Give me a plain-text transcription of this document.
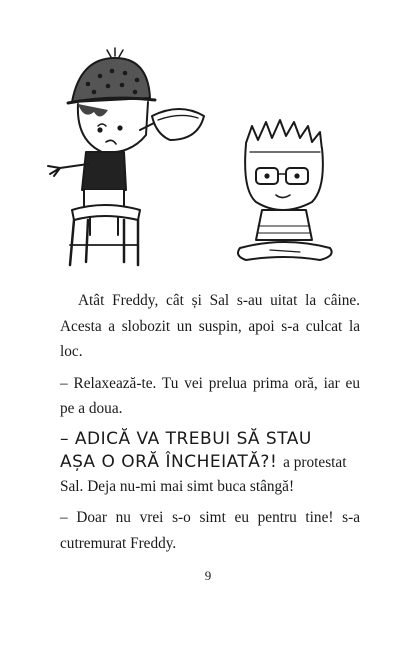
Atât Freddy, cât și Sal s-au uitat la câine. Acesta a slobozit un suspin, apoi s-a culcat la loc.

– Relaxează-te. Tu vei prelua prima oră, iar eu pe a doua.

– ADICĂ VA TREBUI SĂ STAU
AȘA O ORĂ ÎNCHEIATĂ?! a protestat
Sal. Deja nu-mi mai simt buca stângă!

– Doar nu vrei s-o simt eu pentru tine! s-a cutremurat Freddy.

9
